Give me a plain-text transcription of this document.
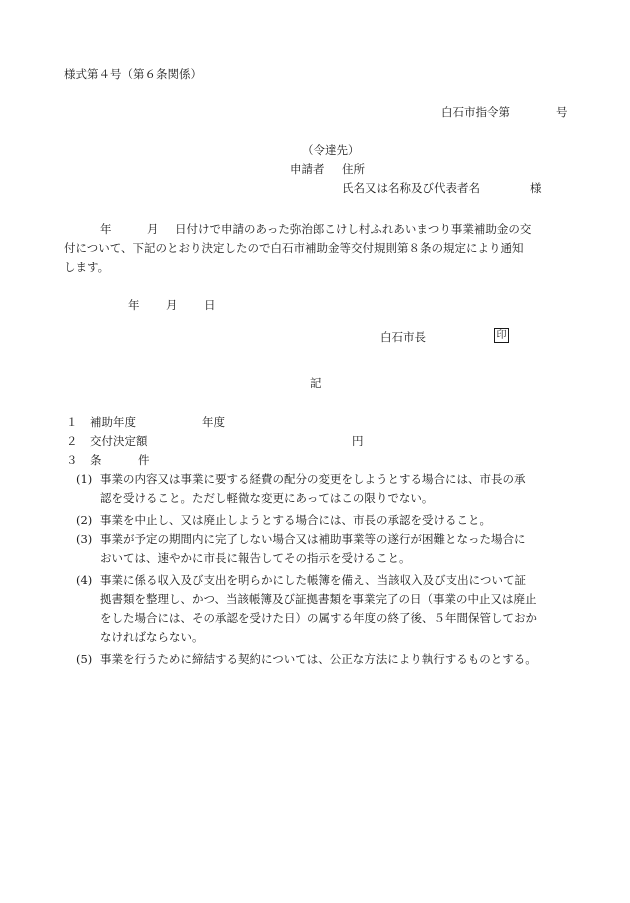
様式第４号（第６条関係）
白石市指令第	号
（令達先）
申請者 住所
氏名又は名称及び代表者名	様
年	月 日付けで申請のあった弥治郎こけし村ふれあいまつり事業補助金の交
付について、下記のとおり決定したので白石市補助金等交付規則第８条の規定により通知
します。
年 月 日
白石市長	印
記
１ 補助年度	年度
２ 交付決定額	円
３ 条	件
(1) 事業の内容又は事業に要する経費の配分の変更をしようとする場合には、市長の承
認を受けること。ただし軽微な変更にあってはこの限りでない。
(2) 事業を中止し、又は廃止しようとする場合には、市長の承認を受けること。
(3) 事業が予定の期間内に完了しない場合又は補助事業等の遂行が困難となった場合に
おいては、速やかに市長に報告してその指示を受けること。
(4) 事業に係る収入及び支出を明らかにした帳簿を備え、当該収入及び支出について証
拠書類を整理し、かつ、当該帳簿及び証拠書類を事業完了の日（事業の中止又は廃止
をした場合には、その承認を受けた日）の属する年度の終了後、５年間保管しておか
なければならない。
(5) 事業を行うために締結する契約については、公正な方法により執行するものとする。
